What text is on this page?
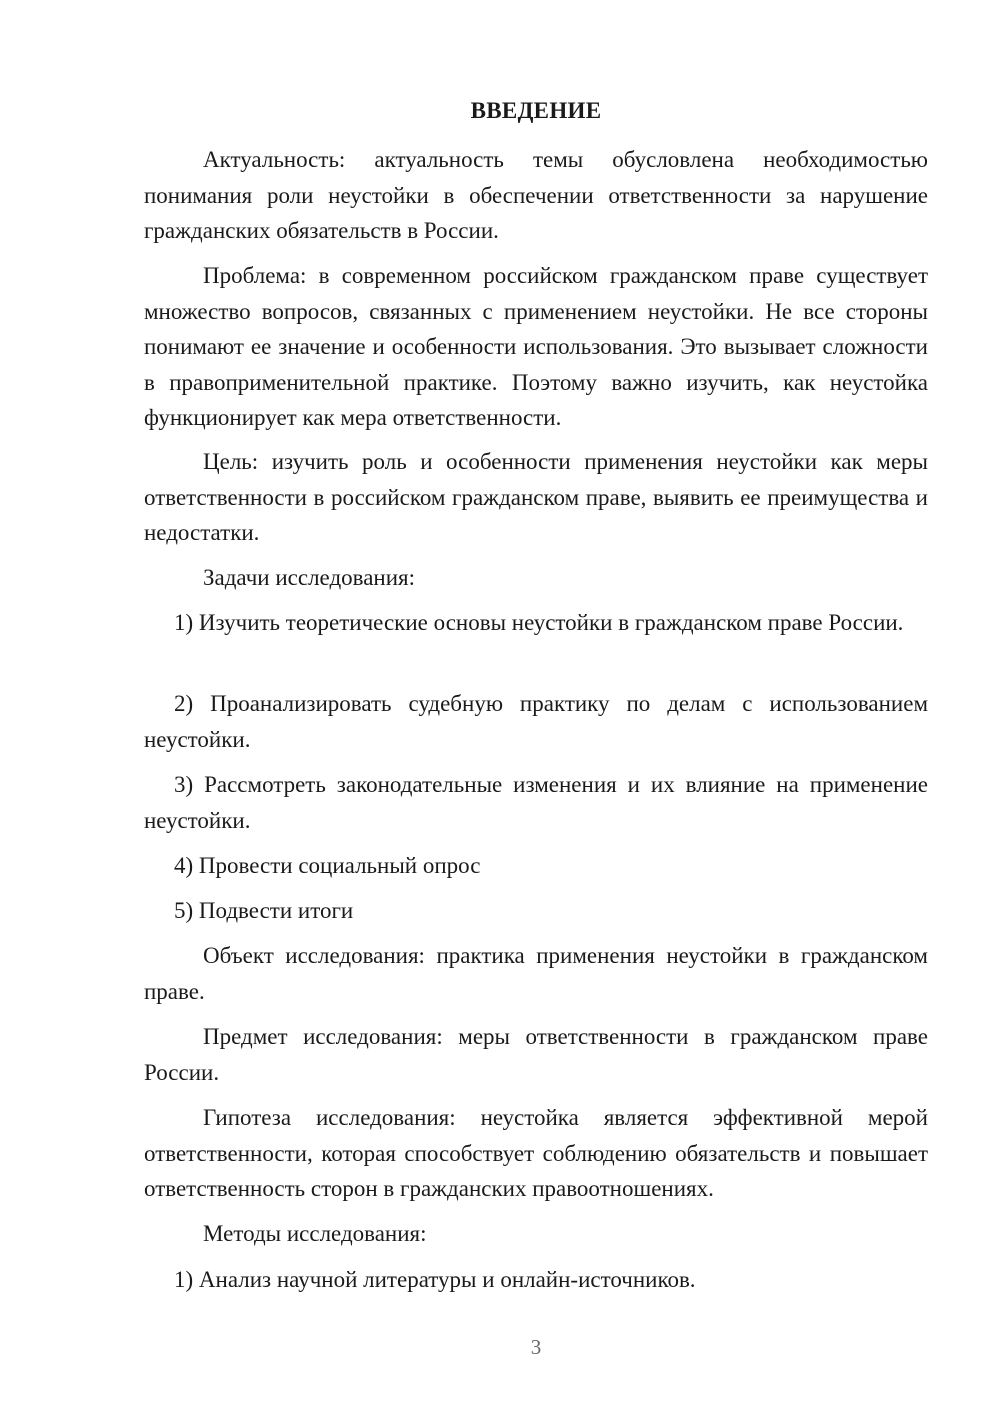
ВВЕДЕНИЕ

Актуальность: актуальность темы обусловлена необходимостью понимания роли неустойки в обеспечении ответственности за нарушение гражданских обязательств в России.

Проблема: в современном российском гражданском праве существует множество вопросов, связанных с применением неустойки. Не все стороны понимают ее значение и особенности использования. Это вызывает сложности в правоприменительной практике. Поэтому важно изучить, как неустойка функционирует как мера ответственности.

Цель: изучить роль и особенности применения неустойки как меры ответственности в российском гражданском праве, выявить ее преимущества и недостатки.

Задачи исследования:

1) Изучить теоретические основы неустойки в гражданском праве России.

2) Проанализировать судебную практику по делам с использованием неустойки.

3) Рассмотреть законодательные изменения и их влияние на применение неустойки.

4) Провести социальный опрос

5) Подвести итоги

Объект исследования: практика применения неустойки в гражданском праве.

Предмет исследования: меры ответственности в гражданском праве России.

Гипотеза исследования: неустойка является эффективной мерой ответственности, которая способствует соблюдению обязательств и повышает ответственность сторон в гражданских правоотношениях.

Методы исследования:

1) Анализ научной литературы и онлайн-источников.

3
